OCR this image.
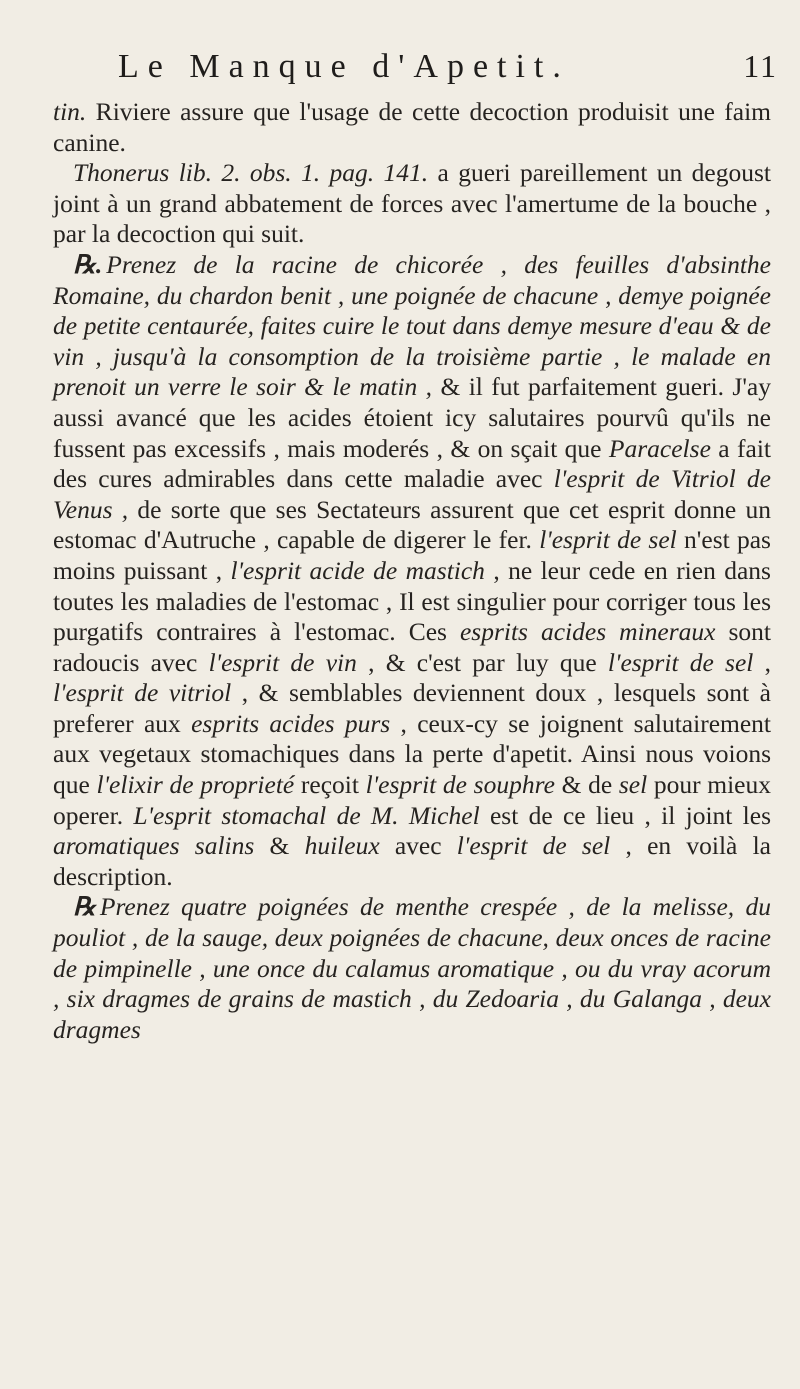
Le Manque d'Apetit.	11

tin. Riviere assure que l'usage de cette decoction produisit une faim canine.

Thonerus lib. 2. obs. 1. pag. 141. a gueri pareillement un degoust joint à un grand abbatement de forces avec l'amertume de la bouche , par la decoction qui suit.

℞. Prenez de la racine de chicorée , des feuilles d'absinthe Romaine, du chardon benit , une poignée de chacune , demye poignée de petite centaurée, faites cuire le tout dans demye mesure d'eau & de vin , jusqu'à la consomption de la troisième partie , le malade en prenoit un verre le soir & le matin , & il fut parfaitement gueri. J'ay aussi avancé que les acides étoient icy salutaires pourvû qu'ils ne fussent pas excessifs , mais moderés , & on sçait que Paracelse a fait des cures admirables dans cette maladie avec l'esprit de Vitriol de Venus , de sorte que ses Sectateurs assurent que cet esprit donne un estomac d'Autruche , capable de digerer le fer. l'esprit de sel n'est pas moins puissant , l'esprit acide de mastich , ne leur cede en rien dans toutes les maladies de l'estomac , Il est singulier pour corriger tous les purgatifs contraires à l'estomac. Ces esprits acides mineraux sont radoucis avec l'esprit de vin , & c'est par luy que l'esprit de sel , l'esprit de vitriol , & semblables deviennent doux , lesquels sont à preferer aux esprits acides purs , ceux-cy se joignent salutairement aux vegetaux stomachiques dans la perte d'apetit. Ainsi nous voions que l'elixir de proprieté reçoit l'esprit de souphre & de sel pour mieux operer. L'esprit stomachal de M. Michel est de ce lieu , il joint les aromatiques salins & huileux avec l'esprit de sel , en voilà la description.

℞ Prenez quatre poignées de menthe crespée , de la melisse, du pouliot , de la sauge, deux poignées de chacune, deux onces de racine de pimpinelle , une once du calamus aromatique , ou du vray acorum , six dragmes de grains de mastich , du Zedoaria , du Galanga , deux dragmes
